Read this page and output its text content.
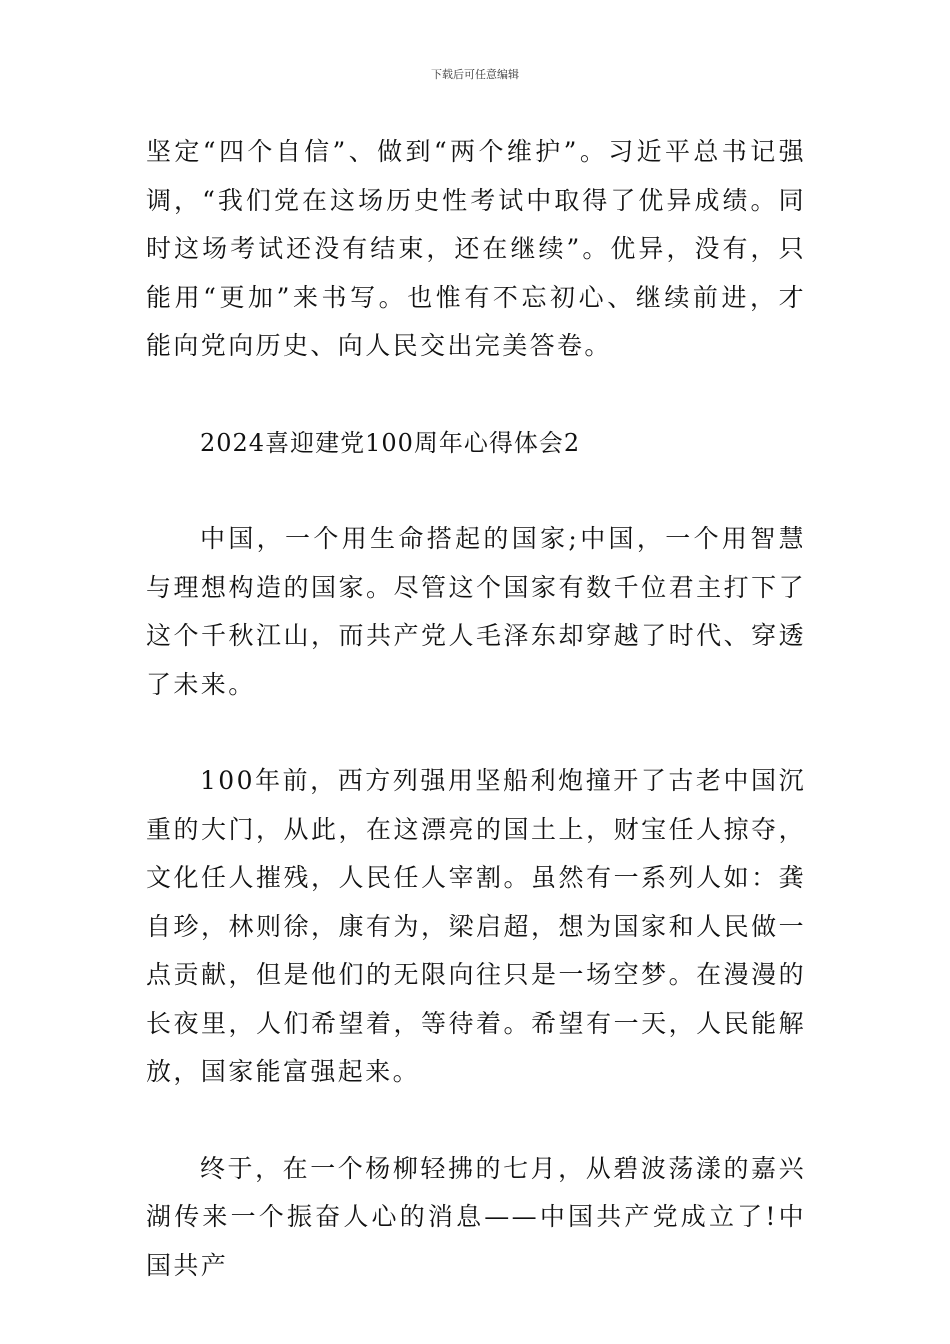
下载后可任意编辑

坚定“四个自信”、做到“两个维护”。习近平总书记强调，“我们党在这场历史性考试中取得了优异成绩。同时这场考试还没有结束，还在继续”。优异，没有，只能用“更加”来书写。也惟有不忘初心、继续前进，才能向党向历史、向人民交出完美答卷。

2024喜迎建党100周年心得体会2

中国，一个用生命搭起的国家;中国，一个用智慧与理想构造的国家。尽管这个国家有数千位君主打下了这个千秋江山，而共产党人毛泽东却穿越了时代、穿透了未来。

100年前，西方列强用坚船利炮撞开了古老中国沉重的大门，从此，在这漂亮的国土上，财宝任人掠夺，文化任人摧残，人民任人宰割。虽然有一系列人如：龚自珍，林则徐，康有为，梁启超，想为国家和人民做一点贡献，但是他们的无限向往只是一场空梦。在漫漫的长夜里，人们希望着，等待着。希望有一天，人民能解放，国家能富强起来。

终于，在一个杨柳轻拂的七月，从碧波荡漾的嘉兴湖传来一个振奋人心的消息——中国共产党成立了!中国共产
